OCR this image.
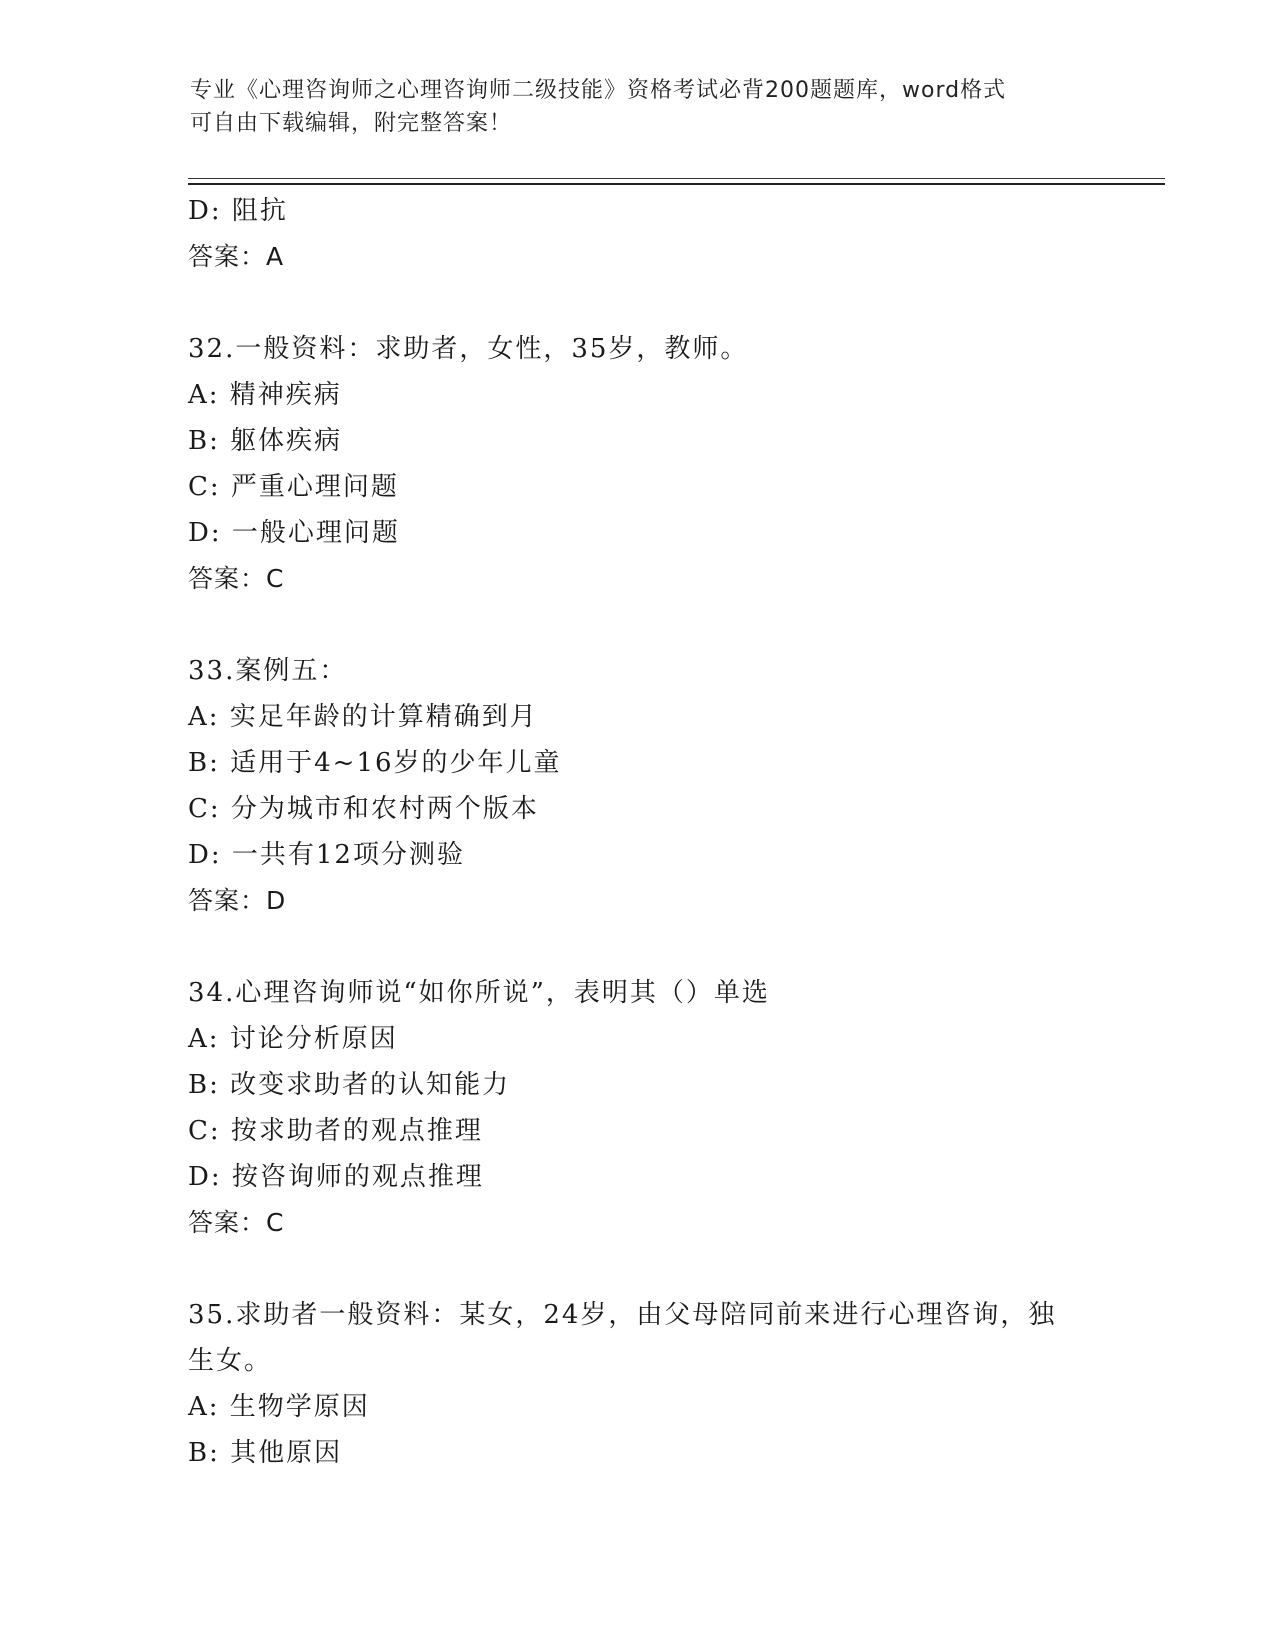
专业《心理咨询师之心理咨询师二级技能》资格考试必背200题题库，word格式
可自由下载编辑，附完整答案！
D: 阻抗
答案：A
32.一般资料：求助者，女性，35岁，教师。
A: 精神疾病
B: 躯体疾病
C: 严重心理问题
D: 一般心理问题
答案：C
33.案例五：
A: 实足年龄的计算精确到月
B: 适用于4~16岁的少年儿童
C: 分为城市和农村两个版本
D: 一共有12项分测验
答案：D
34.心理咨询师说“如你所说”，表明其（）单选
A: 讨论分析原因
B: 改变求助者的认知能力
C: 按求助者的观点推理
D: 按咨询师的观点推理
答案：C
35.求助者一般资料：某女，24岁，由父母陪同前来进行心理咨询，独
生女。
A: 生物学原因
B: 其他原因
